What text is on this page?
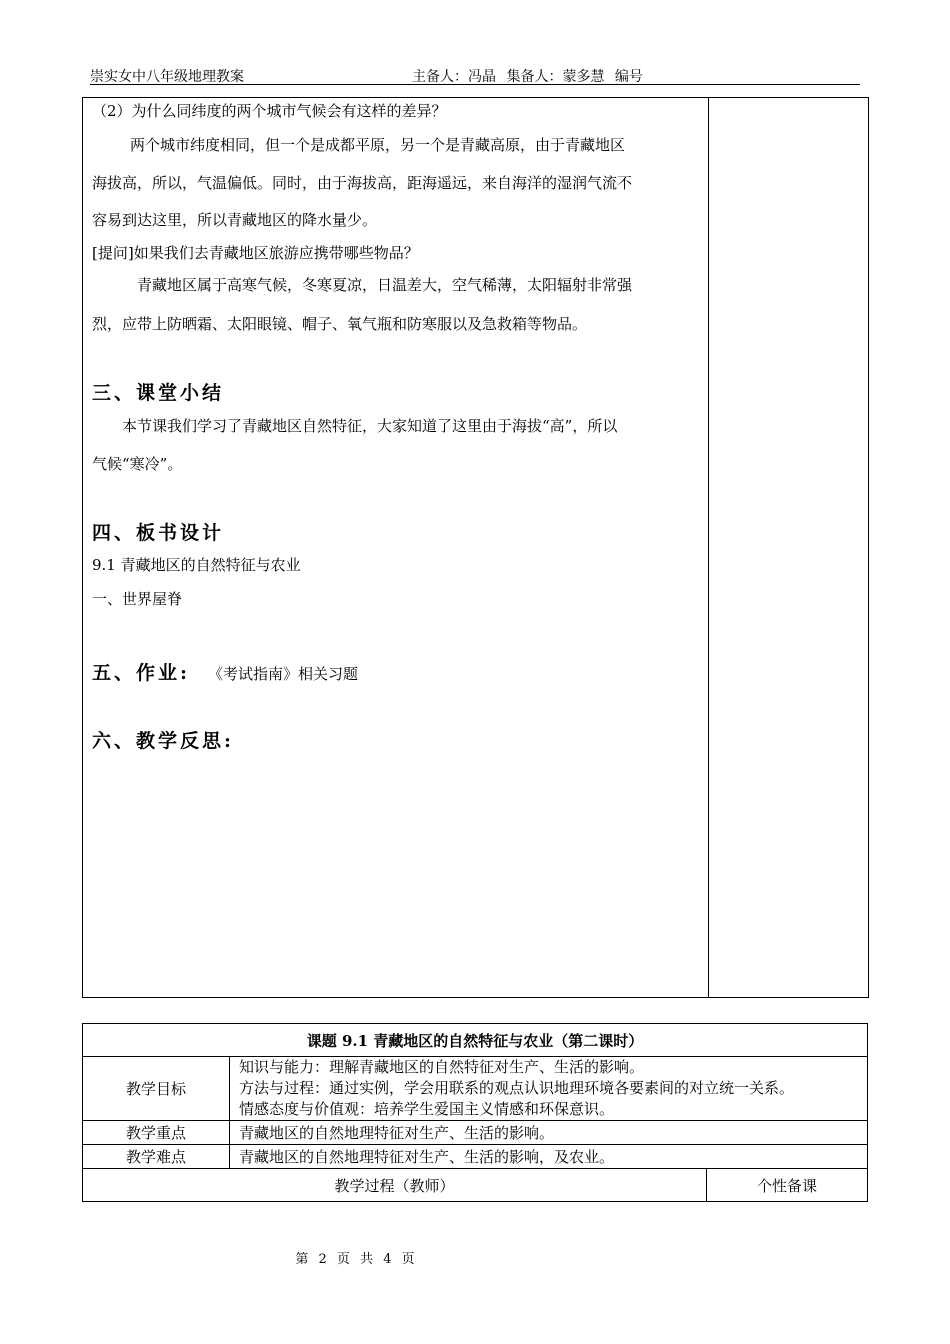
崇实女中八年级地理教案	主备人：冯晶 集备人：蒙多慧 编号
（2）为什么同纬度的两个城市气候会有这样的差异？
两个城市纬度相同，但一个是成都平原，另一个是青藏高原，由于青藏地区
海拔高，所以，气温偏低。同时，由于海拔高，距海遥远，来自海洋的湿润气流不
容易到达这里，所以青藏地区的降水量少。
[提问]如果我们去青藏地区旅游应携带哪些物品？
青藏地区属于高寒气候，冬寒夏凉，日温差大，空气稀薄，太阳辐射非常强
烈，应带上防晒霜、太阳眼镜、帽子、氧气瓶和防寒服以及急救箱等物品。
三、课堂小结
本节课我们学习了青藏地区自然特征，大家知道了这里由于海拔“高”，所以
气候“寒冷”。
四、板书设计
9.1 青藏地区的自然特征与农业
一、世界屋脊
五、作业: 《考试指南》相关习题
六、教学反思:
课题 9.1 青藏地区的自然特征与农业（第二课时）		
教学目标	知识与能力：理解青藏地区的自然特征对生产、生活的影响。
方法与过程：通过实例，学会用联系的观点认识地理环境各要素间的对立统一关系。
情感态度与价值观：培养学生爱国主义情感和环保意识。	

教学重点	青藏地区的自然地理特征对生产、生活的影响。	
教学难点	青藏地区的自然地理特征对生产、生活的影响，及农业。	
教学过程（教师）		个性备课
第 2 页 共 4 页
